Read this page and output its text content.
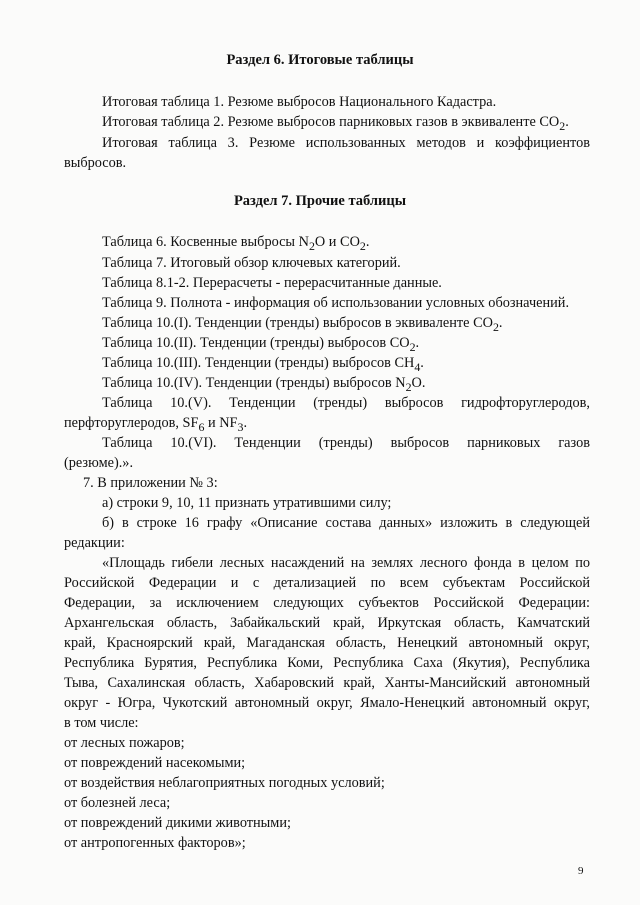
Раздел 6. Итоговые таблицы
Итоговая таблица 1. Резюме выбросов Национального Кадастра.
Итоговая таблица 2. Резюме выбросов парниковых газов в эквиваленте $CO_2$.
Итоговая таблица 3. Резюме использованных методов и коэффициентов
выбросов.
Раздел 7. Прочие таблицы
Таблица 6. Косвенные выбросы $N_2O$ и $CO_2$.
Таблица 7. Итоговый обзор ключевых категорий.
Таблица 8.1-2. Перерасчеты - перерасчитанные данные.
Таблица 9. Полнота - информация об использовании условных обозначений.
Таблица 10.(I). Тенденции (тренды) выбросов в эквиваленте $CO_2$.
Таблица 10.(II). Тенденции (тренды) выбросов $CO_2$.
Таблица 10.(III). Тенденции (тренды) выбросов $CH_4$.
Таблица 10.(IV). Тенденции (тренды) выбросов $N_2O$.
Таблица 10.(V). Тенденции (тренды) выбросов гидрофторуглеродов,
перфторуглеродов, $SF_6$ и $NF_3$.
Таблица 10.(VI). Тенденции (тренды) выбросов парниковых газов
(резюме).».
7. В приложении № 3:
а) строки 9, 10, 11 признать утратившими силу;
б) в строке 16 графу «Описание состава данных» изложить в следующей
редакции:
«Площадь гибели лесных насаждений на землях лесного фонда в целом по
Российской Федерации и с детализацией по всем субъектам Российской
Федерации, за исключением следующих субъектов Российской Федерации:
Архангельская область, Забайкальский край, Иркутская область, Камчатский
край, Красноярский край, Магаданская область, Ненецкий автономный округ,
Республика Бурятия, Республика Коми, Республика Саха (Якутия), Республика
Тыва, Сахалинская область, Хабаровский край, Ханты-Мансийский автономный
округ - Югра, Чукотский автономный округ, Ямало-Ненецкий автономный округ,
в том числе:
от лесных пожаров;
от повреждений насекомыми;
от воздействия неблагоприятных погодных условий;
от болезней леса;
от повреждений дикими животными;
от антропогенных факторов»;
9
